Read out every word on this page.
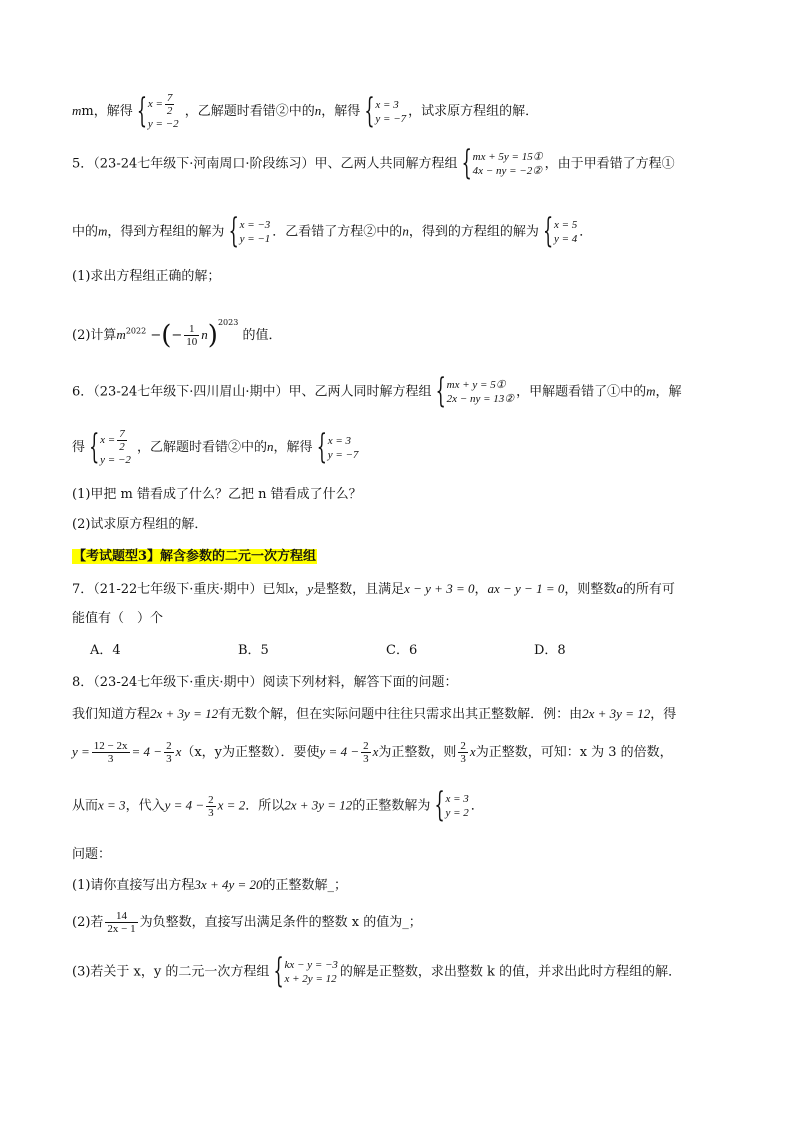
mm，解得 { $x = \frac{7}{2}$
y = −2
，乙解题时看错②中的n，解得 { x = 3
y = −7 ，试求原方程组的解．
5．（23-24七年级下·河南周口·阶段练习）甲、乙两人共同解方程组 { mx + 5y = 15①
4x − ny = −2② ，由于甲看错了方程①
中的m，得到方程组的解为 { x = −3
y = −1 ．乙看错了方程②中的n，得到的方程组的解为 { x = 5
y = 4 ．
(1)求出方程组正确的解；
(2)计算$m^{2022}$ −(− $\frac{1}{10} n)^{2023}$ 的值．
6．（23-24七年级下·四川眉山·期中）甲、乙两人同时解方程组 { mx + y = 5①
2x − ny = 13② ，甲解题看错了①中的m，解
得 { $x = \frac{7}{2}$
y = −2
，乙解题时看错②中的n，解得 { x = 3
y = −7
(1)甲把 m 错看成了什么？乙把 n 错看成了什么？
(2)试求原方程组的解．
【考试题型3】解含参数的二元一次方程组
7．（21-22七年级下·重庆·期中）已知x，y是整数，且满足x − y + 3 = 0，ax − y − 1 = 0，则整数a的所有可
能值有（　）个
A．4	B．5	C．6	D．8
8．（23-24七年级下·重庆·期中）阅读下列材料，解答下面的问题：
我们知道方程2x + 3y = 12有无数个解，但在实际问题中往往只需求出其正整数解．例：由2x + 3y = 12，得
$y = \frac{12 - 2x}{3} = 4 - \frac{2}{3} x(x$，y为正整数）．要使$y = 4 - \frac{2}{3}$ x为正整数，则 $\frac{2}{3}$ x为正整数，可知：x 为 3 的倍数，
从而x = 3，代入$y = 4 - \frac{2}{3}$ x = 2．所以2x + 3y = 12的正整数解为 { x = 3
y = 2 ．
问题：
(1)请你直接写出方程3x + 4y = 20的正整数解_；
(2)若 $\frac{14}{2x - 1}$ 为负整数，直接写出满足条件的整数 x 的值为_；
(3)若关于 x，y 的二元一次方程组 { kx − y = −3
x + 2y = 12 的解是正整数，求出整数 k 的值，并求出此时方程组的解．
